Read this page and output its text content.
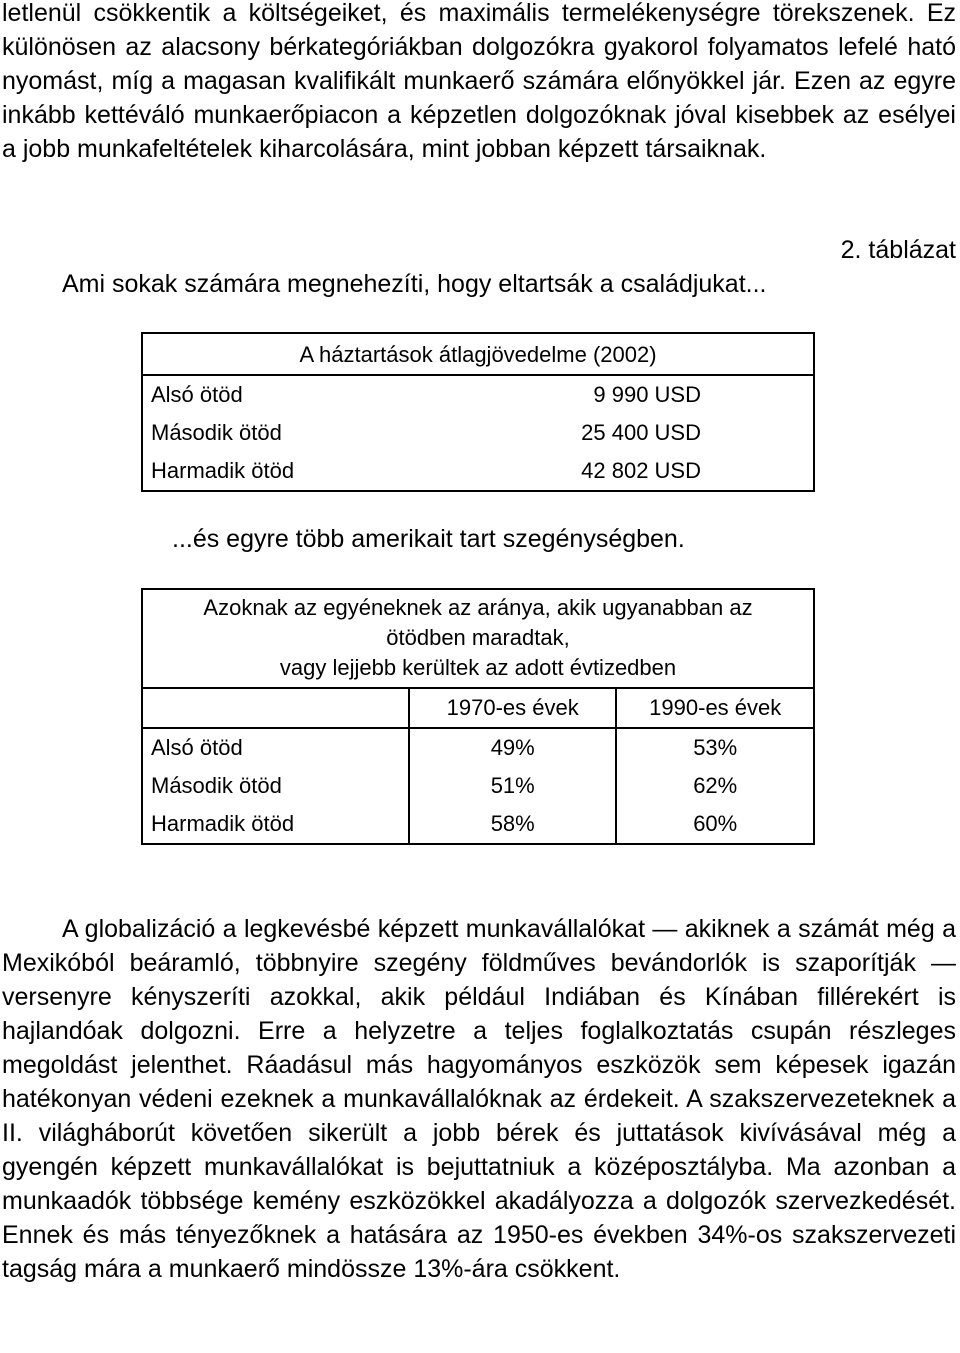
letlenül csökkentik a költségeiket, és maximális termelékenységre törekszenek. Ez különösen az alacsony bérkategóriákban dolgozókra gyakorol folyamatos lefelé ható nyomást, míg a magasan kvalifikált munkaerő számára előnyökkel jár. Ezen az egyre inkább kettéváló munkaerőpiacon a képzetlen dolgozóknak jóval kisebbek az esélyei a jobb munkafeltételek kiharcolására, mint jobban képzett társaiknak.

2. táblázat

Ami sokak számára megnehezíti, hogy eltartsák a családjukat...

A háztartások átlagjövedelme (2002)	
Alsó ötöd	9 990 USD
Második ötöd	25 400 USD
Harmadik ötöd	42 802 USD

...és egyre több amerikait tart szegénységben.

Azoknak az egyéneknek az aránya, akik ugyanabban az
ötödben maradtak,
vagy lejjebb kerültek az adott évtizedben		

	1970-es évek	1990-es évek
Alsó ötöd	49%	53%
Második ötöd	51%	62%
Harmadik ötöd	58%	60%

A globalizáció a legkevésbé képzett munkavállalókat — akiknek a számát még a Mexikóból beáramló, többnyire szegény földműves bevándorlók is szaporítják — versenyre kényszeríti azokkal, akik például Indiában és Kínában fillérekért is hajlandóak dolgozni. Erre a helyzetre a teljes foglalkoztatás csupán részleges megoldást jelenthet. Ráadásul más hagyományos eszközök sem képesek igazán hatékonyan védeni ezeknek a munkavállalóknak az érdekeit. A szakszervezeteknek a II. világháborút követően sikerült a jobb bérek és juttatások kivívásával még a gyengén képzett munkavállalókat is bejuttatniuk a középosztályba. Ma azonban a munkaadók többsége kemény eszközökkel akadályozza a dolgozók szervezkedését. Ennek és más tényezőknek a hatására az 1950-es években 34%-os szakszervezeti tagság mára a munkaerő mindössze 13%-ára csökkent.
